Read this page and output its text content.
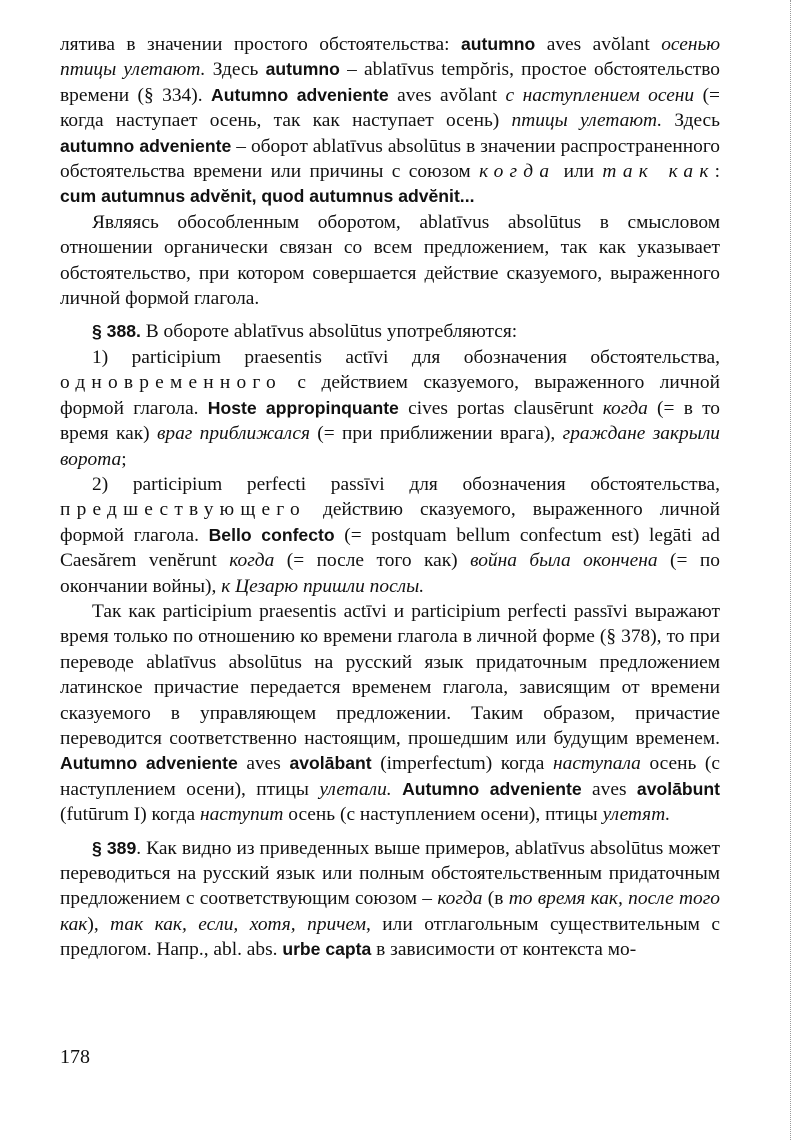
лятива в значении простого обстоятельства: autumno aves avŏlant осенью птицы улетают. Здесь autumno – ablatīvus tempŏris, простое обстоятельство времени (§ 334). Autumno adveniente aves avŏlant с наступлением осени (= когда наступает осень, так как наступает осень) птицы улетают. Здесь autumno adveniente – оборот ablatīvus absolūtus в значении распространенного обстоятельства времени или причины с союзом когда или так как: cum autumnus advĕnit, quod autumnus advĕnit...

Являясь обособленным оборотом, ablatīvus absolūtus в смысловом отношении органически связан со всем предложением, так как указывает обстоятельство, при котором совершается действие сказуемого, выраженного личной формой глагола.

§ 388. В обороте ablatīvus absolūtus употребляются:

1) participium praesentis actīvi для обозначения обстоятельства, одновременного с действием сказуемого, выраженного личной формой глагола. Hoste appropinquante cives portas clausērunt когда (= в то время как) враг приближался (= при приближении врага), граждане закрыли ворота;

2) participium perfecti passīvi для обозначения обстоятельства, предшествующего действию сказуемого, выраженного личной формой глагола. Bello confecto (= postquam bellum confectum est) legāti ad Caesărem venĕrunt когда (= после того как) война была окончена (= по окончании войны), к Цезарю пришли послы.

Так как participium praesentis actīvi и participium perfecti passīvi выражают время только по отношению ко времени глагола в личной форме (§ 378), то при переводе ablatīvus absolūtus на русский язык придаточным предложением латинское причастие передается временем глагола, зависящим от времени сказуемого в управляющем предложении. Таким образом, причастие переводится соответственно настоящим, прошедшим или будущим временем. Autumno adveniente aves avolābant (imperfectum) когда наступала осень (с наступлением осени), птицы улетали. Autumno adveniente aves avolābunt (futūrum I) когда наступит осень (с наступлением осени), птицы улетят.

§ 389. Как видно из приведенных выше примеров, ablatīvus absolūtus может переводиться на русский язык или полным обстоятельственным придаточным предложением с соответствующим союзом – когда (в то время как, после того как), так как, если, хотя, причем, или отглагольным существительным с предлогом. Напр., abl. abs. urbe capta в зависимости от контекста мо-

178
